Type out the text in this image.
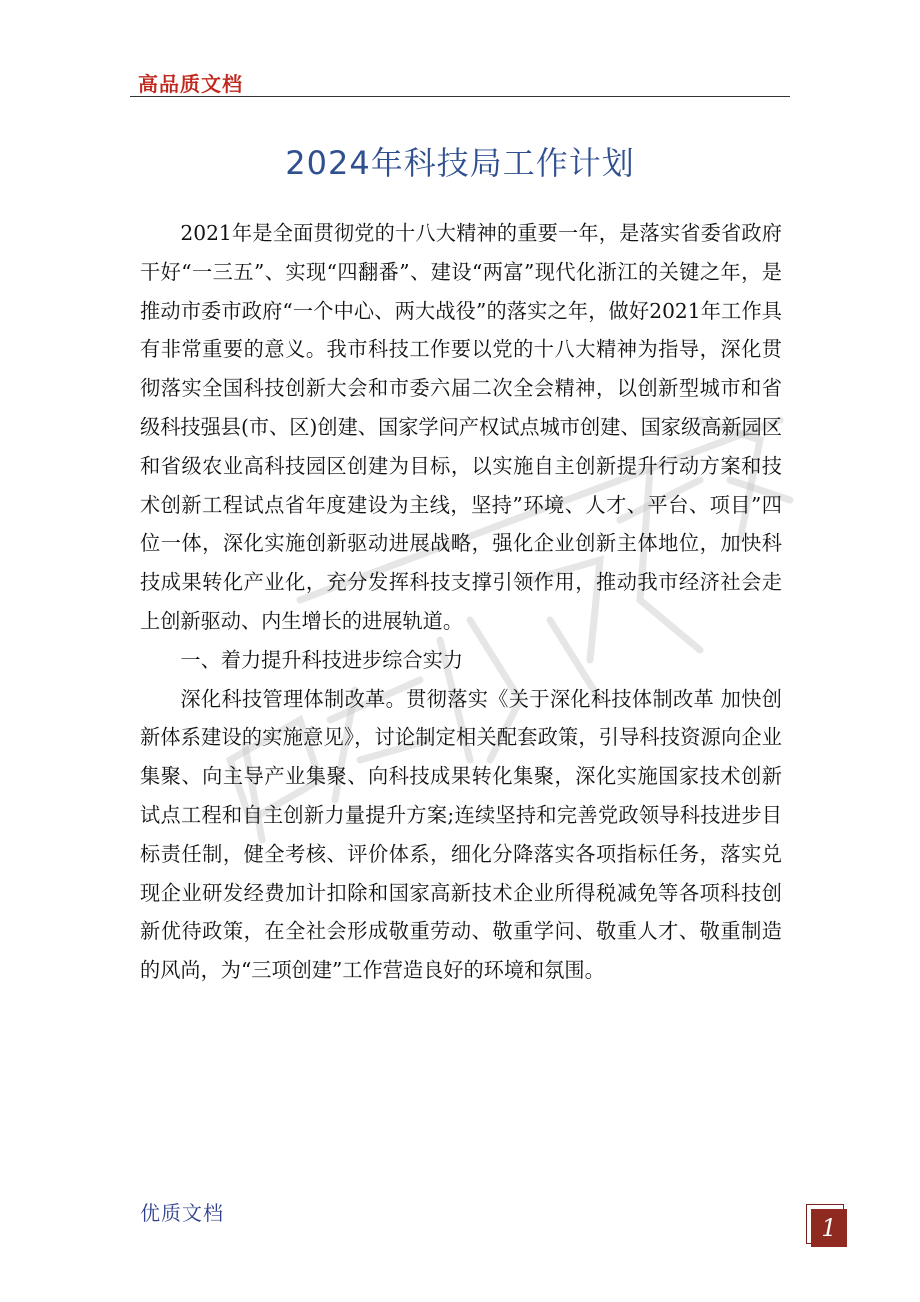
高品质文档
2024年科技局工作计划

2021年是全面贯彻党的十八大精神的重要一年，是落实省委省政府干好“一三五”、实现“四翻番”、建设“两富”现代化浙江的关键之年，是推动市委市政府“一个中心、两大战役”的落实之年，做好2021年工作具有非常重要的意义。我市科技工作要以党的十八大精神为指导，深化贯彻落实全国科技创新大会和市委六届二次全会精神，以创新型城市和省级科技强县(市、区)创建、国家学问产权试点城市创建、国家级高新园区和省级农业高科技园区创建为目标，以实施自主创新提升行动方案和技术创新工程试点省年度建设为主线，坚持”环境、人才、平台、项目”四位一体，深化实施创新驱动进展战略，强化企业创新主体地位，加快科技成果转化产业化，充分发挥科技支撑引领作用，推动我市经济社会走上创新驱动、内生增长的进展轨道。

一、着力提升科技进步综合实力

深化科技管理体制改革。贯彻落实《关于深化科技体制改革 加快创新体系建设的实施意见》，讨论制定相关配套政策，引导科技资源向企业集聚、向主导产业集聚、向科技成果转化集聚，深化实施国家技术创新试点工程和自主创新力量提升方案;连续坚持和完善党政领导科技进步目标责任制，健全考核、评价体系，细化分降落实各项指标任务，落实兑现企业研发经费加计扣除和国家高新技术企业所得税减免等各项科技创新优待政策，在全社会形成敬重劳动、敬重学问、敬重人才、敬重制造的风尚，为“三项创建”工作营造良好的环境和氛围。

优质文档
1
